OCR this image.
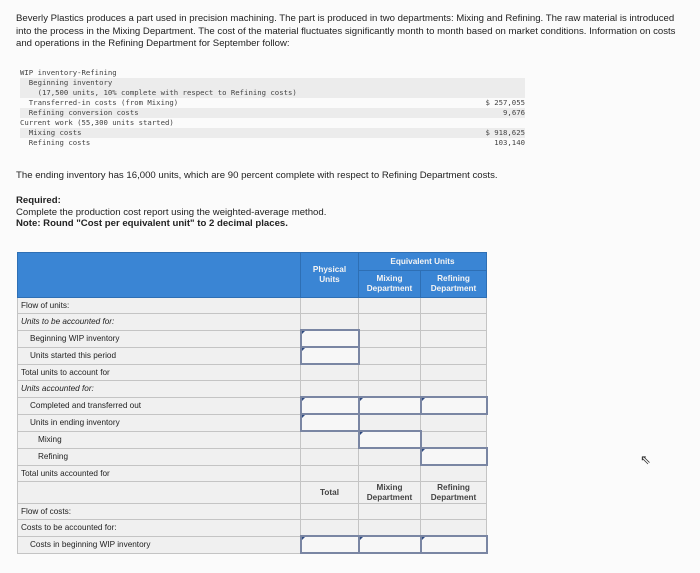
Beverly Plastics produces a part used in precision machining. The part is produced in two departments: Mixing and Refining. The raw material is introduced into the process in the Mixing Department. The cost of the material fluctuates significantly month to month based on market conditions. Information on costs and operations in the Refining Department for September follow:
WIP inventory-Refining
Beginning inventory
(17,500 units, 10% complete with respect to Refining costs)
Transferred-in costs (from Mixing)	$ 257,055
Refining conversion costs	9,676
Current work (55,300 units started)
Mixing costs	$ 918,625
Refining costs	103,140
The ending inventory has 16,000 units, which are 90 percent complete with respect to Refining Department costs.
Required:
Complete the production cost report using the weighted-average method.
Note: Round "Cost per equivalent unit" to 2 decimal places.
	Physical Units	Equivalent Units	
		Mixing Department	Refining Department
Flow of units:			
Units to be accounted for:			
Beginning WIP inventory			
Units started this period			
Total units to account for			
Units accounted for:			
Completed and transferred out			
Units in ending inventory			
Mixing			
Refining			
Total units accounted for			
	Total	Mixing Department	Refining Department
Flow of costs:			
Costs to be accounted for:			
Costs in beginning WIP inventory			
⇖
